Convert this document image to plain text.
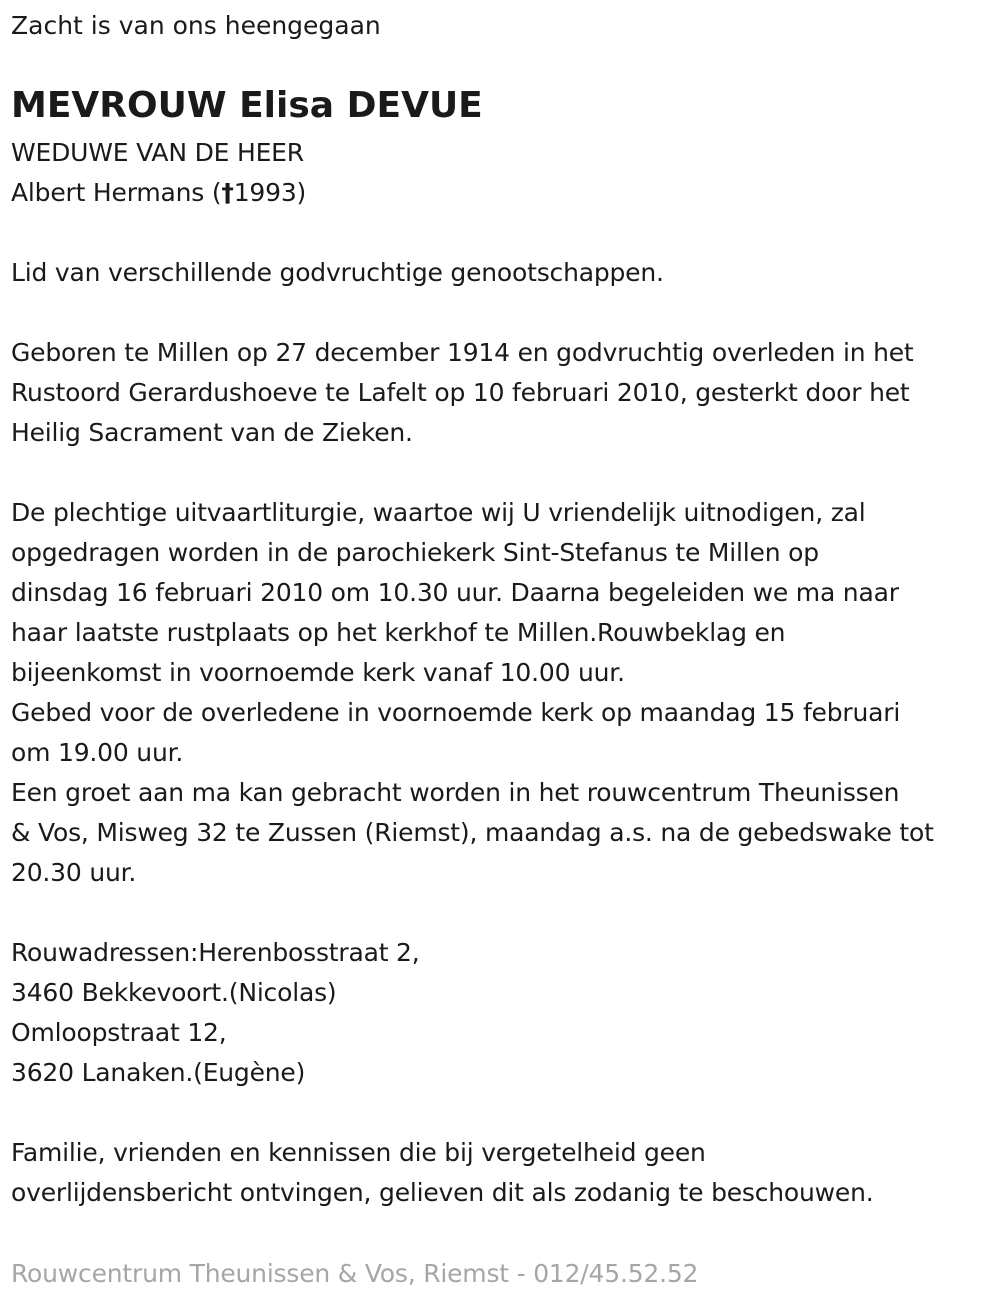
Zacht is van ons heengegaan
MEVROUW Elisa DEVUE
WEDUWE VAN DE HEER
Albert Hermans (†1993)
Lid van verschillende godvruchtige genootschappen.
Geboren te Millen op 27 december 1914 en godvruchtig overleden in het
Rustoord Gerardushoeve te Lafelt op 10 februari 2010, gesterkt door het
Heilig Sacrament van de Zieken.
De plechtige uitvaartliturgie, waartoe wij U vriendelijk uitnodigen, zal
opgedragen worden in de parochiekerk Sint-Stefanus te Millen op
dinsdag 16 februari 2010 om 10.30 uur. Daarna begeleiden we ma naar
haar laatste rustplaats op het kerkhof te Millen.Rouwbeklag en
bijeenkomst in voornoemde kerk vanaf 10.00 uur.
Gebed voor de overledene in voornoemde kerk op maandag 15 februari
om 19.00 uur.
Een groet aan ma kan gebracht worden in het rouwcentrum Theunissen
& Vos, Misweg 32 te Zussen (Riemst), maandag a.s. na de gebedswake tot
20.30 uur.
Rouwadressen:Herenbosstraat 2,
3460 Bekkevoort.(Nicolas)
Omloopstraat 12,
3620 Lanaken.(Eugène)
Familie, vrienden en kennissen die bij vergetelheid geen
overlijdensbericht ontvingen, gelieven dit als zodanig te beschouwen.
Rouwcentrum Theunissen & Vos, Riemst - 012/45.52.52
